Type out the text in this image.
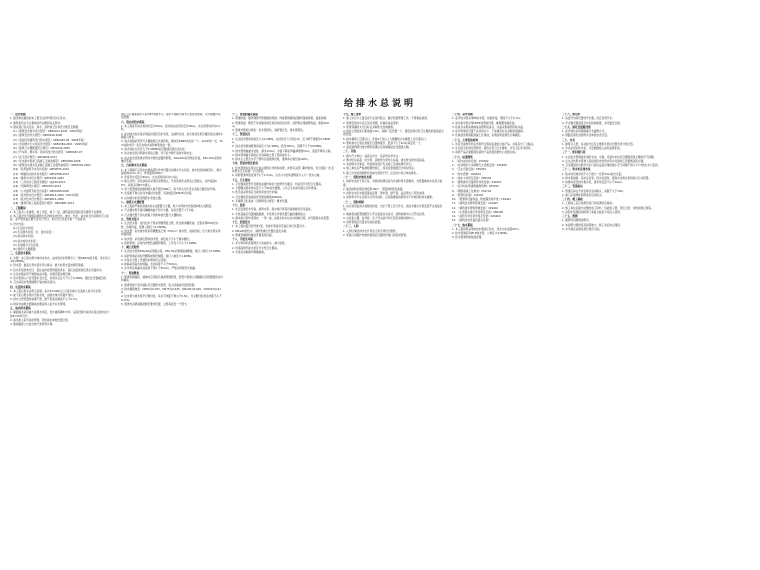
给排水总说明

一、设计依据

1. 建设单位提供的本工程有关资料和设计任务书。

2. 建筑和有关专业提供的作业图和有关资料。

3. 国家现行有关给水、排水、消防和卫生等设计规范及规程：

(1)《建筑给水排水设计规范》GB50015-2003（2009年版）

(2)《建筑设计防火规范》GB50016-2006

(3)《高层民用建筑设计防火规范》GB50045-95（2005年版）

(4)《自动喷水灭火系统设计规范》GB50084-2001（2005年版）

(5)《建筑灭火器配置设计规范》GB50140-2005

(6)《汽车库、修车库、停车场设计防火规范》GB50067-97

(7)《住宅设计规范》GB50096-2011

(8)《给水排水管道工程施工及验收规范》GB50268-2008

(9)《建筑给水排水及采暖工程施工质量验收规范》GB50242-2002

(10)《民用建筑节水设计标准》GB50555-2010

(11)《城镇给水排水技术规范》GB50788-2012

(12)《建筑中水设计规范》GB50336-2002

(13)《二次供水工程技术规程》CJJ140-2010

(14)《无障碍设计规范》GB50763-2012

(15)《公共建筑节能设计标准》GB50189-2005

(16)《室外排水设计规范》GB50014-2006（2011年版）

(17)《室外给水设计规范》GB50013-2006

(18)《建筑机电工程抗震设计规范》GB50981-2014

二、工程概况

1. 本工程为公共建筑，地上多层，地下一层，建筑高度及面积详见建筑专业图纸。

2. 本工程设计范围包括建筑红线内的室内给水、排水、热水、消火栓及自动喷水灭火系统，室外管线由总图专业另行设计，本设计仅至室外第一个检查井。

3. 设计内容：

(1) 生活给水系统；

(2) 生活排水系统（污、废水系统）；

(3) 雨水排水系统；

(4) 消火栓给水系统；

(5) 自动喷水灭火系统；

(6) 建筑灭火器配置。

三、生活给水系统

1. 水源：本工程水源为城市自来水，由市政给水管网引入一根DN150给水管，供水压力为0.25MPa。

2. 用水量：最高日用水量详见计算书，最大时用水量按规范取值。

3. 给水系统竖向分区：低区由市政管网直接供水，高区由变频加压供水设备供水。

4. 生活水箱采用不锈钢成品水箱，水箱设置消毒设施。

5. 给水管道入户处设置水表计量，各用水点压力不大于0.2MPa，超压处设置减压阀。

6. 卫生间给水管道暗敷于墙内或吊顶内。

四、生活排水系统

1. 本工程污废水采用合流制，室内±0.000以上污废水重力自流排入室外污水管。

2. 地下室污废水集中至集水坑，由潜水排污泵提升排出。

3. 排水立管设置伸顶通气管，通气管高出屋面不小于0.7m。

4. 厨房含油废水经隔油处理后排入室外污水管网。

五、雨水排水系统

1. 屋面雨水采用重力流排水系统，设计重现期P=5年，溢流设施与雨水系统总排水能力按P=50年设计。

2. 雨水排入室外雨水管网，阳台雨水单独设置立管。

3. 暴雨强度公式按当地气象资料计算。

(接上页) 屋面雨水斗采用87型雨水斗，雨水斗规格与雨水立管管径相同，设计参数详见系统图。

六、消火栓给水系统

1. 本工程室外消火栓用水量为30L/s，室内消火栓用水量为20L/s，火灾延续时间为2小时。

2. 室内消火栓系统采用临时高压给水系统，由消防水池、消火栓加压泵及屋顶高位消防水箱联合供水。

3. 消火栓箱采用带灭火器箱组合式消防柜，箱内设DN65消火栓一个、φ19水枪一支、25m衬胶水带一条及自救式消防软管卷盘一套。

4. 消火栓栓口动压大于0.50MPa处设置减压稳压消火栓。

5. 消火栓系统设两套水泵接合器，设于室外便于消防车取水处。

6. 消火栓系统管道采用内外壁热浸镀锌钢管，DN≤100采用丝扣连接，DN>100采用沟槽式连接。

七、自动喷水灭火系统

1. 本工程除不宜用水扑救的部位外均设置自动喷水灭火系统，按中危险级Ⅱ级设计，喷水强度8L/(min·m²)，作用面积160m²。

2. 系统设计流量为30L/s，火灾延续时间为1小时。

3. 喷头选用：有吊顶场所采用吊顶型喷头，无吊顶场所采用直立型喷头，动作温度68℃，厨房采用93℃喷头。

4. 每个报警阀组控制的喷头数不超过800只，每个防火分区设水流指示器及信号阀。

5. 系统最不利点处设末端试水装置，其余楼层设DN25试水阀。

6. 自动喷水系统设两套水泵接合器。

八、建筑灭火器配置

1. 本工程按严重危险级A类火灾配置灭火器，地下车库按中危险级B类火灾配置。

2. 灭火器选用手提式磷酸铵盐干粉灭火器，每处设置不少于2具。

3. 灭火器设置于消火栓箱下部或单独设置灭火器箱内。

九、管材及接口

1. 生活给水管：室内给水干管采用钢塑复合管，丝扣或沟槽连接；支管采用PP-R给水管，热熔连接，管道公称压力1.25MPa。

2. 排水管：室内排水管采用硬聚氯乙烯（PVC-U）排水管，粘接连接；压力排水管采用焊接钢管。

3. 雨水管：采用承压塑料排水管，承压能力不小于满水静压。

4. 消防管道：采用内外壁热浸镀锌钢管，工作压力不小于1.6MPa。

十、阀门及附件

1. 生活给水管道DN≤50采用截止阀，DN>50采用闸阀或蝶阀，阀门公称压力1.0MPa。

2. 消防管道采用信号蝶阀或明杆闸阀，阀门公称压力1.6MPa。

3. 水泵出水管上设置防水锤消声止回阀。

4. 地漏采用高水封地漏，水封深度不小于50mm。

5. 存水弯及地漏水封深度不得小于50mm，严禁采用钟罩式地漏。

十一、管道敷设

1. 管道穿越楼板、墙体时应预留孔洞或预埋套管，套管与管道之间缝隙应采用阻燃密实材料填实。

2. 管道穿地下室外墙时应设置防水套管，穿人防墙体设密闭套管。

3. 排水横管坡度：DN50为0.035，DN75为0.025，DN100为0.020，DN150为0.010。

4. 给水管与排水管平行敷设时，其水平净距不得小于0.5m，交叉敷设时垂直净距不小于0.15m。

5. 管道支吊架间距按规范要求设置，立管每层设一个管卡。

十二、管道防腐及保温

1. 管道防腐：镀锌钢管外壁刷银粉两道；焊接钢管除锈后刷防锈漆两道，面漆两道。

2. 管道保温：敷设于非采暖房间及吊顶内的给水管、消防管采用橡塑保温，厚度20mm。

3. 管道外壁标识颜色：给水管绿色，消防管红色，排水管黑色。

十三、管道试压

1. 生活给水管道试验压力为1.0MPa，在试验压力下稳压1h，压力降不得超过0.05MPa。

2. 消火栓及喷淋管道试验压力为1.4MPa，稳压30min，压降不大于0.05MPa。

3. 排水管道做灌水试验，满水15min，水面下降后再灌满观察5min，液面不降为合格。

4. 雨水管道灌水高度应达到每根立管上部的雨水斗。

5. 排水主立管及水平干管均应做通球试验，通球率必须达到100%。

十四、管道冲洗及消毒

1. 给水管道在系统运行前必须进行冲洗和消毒，并经有关部门取样检验，符合国家《生活饮用水卫生标准》方可使用。

2. 消防管道冲洗流速不小于1.5m/s，以出口水色和透明度与入口一致为合格。

十五、卫生器具

1. 卫生器具的型号及颜色由建设单位与装修设计确定，均采用节水型卫生器具。

2. 大便器采用冲洗水量不大于6L的坐便器，公共卫生间采用感应式冲洗阀。

3. 洗手盆采用感应式或延时自闭式水嘴。

4. 卫生器具安装高度详见国标图集09S304。

5. 无障碍卫生间按《无障碍设计规范》要求设置。

十六、设备

1. 生活变频给水设备、消防水泵、潜水排污泵等设备参数详见设备表。

2. 水泵基础应设置减振措施，水泵进出水管设置可曲挠橡胶接头。

3. 潜水排污泵均设两台，一用一备，由集水坑水位自动控制启停，并设超高水位报警。

十七、抗震设计

1. 本工程抗震设防烈度7度，给排水管道及设备应进行抗震设计。

2. DN≥65的给水、消防管道应设置抗震支吊架。

3. 管道穿越结构缝处设置柔性连接。

十八、节能及环保

1. 充分利用市政管网压力直接供水，减少能耗。

2. 选用高效节能水泵及节水型卫生器具。

3. 水泵房采取隔声降噪措施。

十九、施工要求

1. 施工中应与土建及各专业密切配合，做好预留预埋工作，不得事后凿洞。

2. 管道安装完毕后应及时清理，并做好成品保护。

3. 管道穿越防火分区时应采取防火封堵措施。

4. 排水立管检查口距地面1.0m，每隔一层设置一个，最底层和设有卫生器具的最高层必须设置。

5. 排水横管上设清扫口，连接4个及以上大便器的污水横管上应设清扫口。

6. 塑料排水立管应按规定设置伸缩节，层高不大于4m时每层设一个。

7. 高层建筑明设排水塑料管道应在穿越楼层处设置阻火圈。

二十、其他

1. 图中尺寸单位：标高以米计，其余均以毫米计。

2. 图中所注标高：给水管、消防管为管中心标高；排水管为管内底标高。

3. 本说明未尽事宜，均按国家现行有关施工及验收规范执行。

4. 施工单位应严格按照图纸施工，如有变更须经设计单位同意。

5. 施工中如发现图纸有误或与现场不符，应及时与设计单位联系。

二十一、消防水池及水箱

1. 消防水池设于地下室，有效容积满足室内外消防用水量要求，并设置就地水位显示装置。

2. 屋顶消防水箱有效容积18m³，设置消防稳压装置。

3. 消防水池及水箱设置溢流管、泄水管、通气管，溢流管出口设防虫网。

4. 消防用水与生活用水合用水池时，应采取确保消防用水不作他用的技术措施。

二十二、消防控制

1. 消火栓泵由消火栓箱内按钮、出水干管上压力开关、高位水箱出水管流量开关直接启动。

2. 喷淋泵由报警阀组压力开关直接自动启动，消防控制中心可手动启停。

3. 水流指示器、信号阀、压力开关信号均应送至消防控制中心。

4. 消防泵组应设置自动巡检装置。

二十三、人防

1. 人防区域给排水设计详见人防专项设计图纸。

2. 穿越人防围护结构的管道应设置防护阀门和密闭套管。

二十四、室外管网

1. 室外给水管采用PE给水管，热熔连接，埋深不小于0.7m。

2. 室外排水管采用HDPE双壁波纹管，橡胶圈承插连接。

3. 检查井采用砖砌或成品塑料检查井，井盖采用重型铸铁井盖。

4. 室外管道应设置于冰冻线以下，不能满足时应采取保温措施。

5. 化粪池选用钢筋混凝土化粪池，有效容积按规范计算确定。

二十五、主要设备材料

1. 所有设备材料均应选用符合国家标准的合格产品，并具有出厂合格证。

2. 生活给水系统所用管材、附件应符合卫生要求，并有卫生许可批件。

3. 消防产品必须经国家消防产品质量检测中心检测合格。

二十六、标准图集

1. 《室内消火栓安装》15S202

2. 《自动喷水与水喷雾灭火设施安装》04S206

3. 《卫生设备安装》09S304

4. 《防水套管》02S404

5. 《雨水斗选用及安装》09S302

6. 《建筑排水设备附件选用安装》04S301

7. 《室外给水管道附属构筑物》05S502

8. 《钢筋混凝土化粪池》03S702

9. 《矩形给水箱》12S101

10. 《管道和设备保温、防结露及电伴热》16S401

11. 《建筑给水塑料管道安装》11S405

12. 《建筑排水塑料管道安装》10S406

13. 《小型潜水排污泵选用及安装》08S305

14. 《消防专用水泵选用及安装》04S204

15. 《建筑机电设备抗震支吊架》

二十七、热水系统

1. 本工程局部采用电热水器供应热水，热水出水温度60℃。

2. 热水管道采用PP-R热水管，公称压力2.0MPa。

3. 热水管道均做保温处理。

二十八、饮用水

1. 各层开水间设置电开水器，供应饮用开水。

2. 开水器设置温度及水位控制装置，并设置安全阀。

二十九、绿化及道路浇洒

1. 室外绿化采用微喷灌节水灌溉方式。

2. 道路及绿化浇洒用水设单独水表计量。

三十、水表

1. 建筑引入管、各功能分区及主要用水部位设置水表分级计量。

2. 水表采用远传水表，计量数据接入能耗监测系统。

三十一、防回流污染

1. 生活给水管道接至消防水池、水箱、设备补水时应设置倒流防止器或空气间隙。

2. 从生活饮用水管道上直接供给非饮用水用水设备时应设置倒流防止器。

3. 卫生器具给水配件出水口高出溢流边缘的最小空气间隙不得小于2.5倍出水口直径。

三十二、集水坑及排水泵

1. 集水坑有效容积不小于最大一台泵5min的出水量。

2. 排水泵控制：高水位启泵，低水位停泵，超高水位两台泵同时运行并报警。

3. 电梯井底设排水集水坑，排水泵流量不小于10L/s。

三十三、管道标识

1. 管道应标注介质名称及流向箭头，间距不大于10m。

2. 阀门应挂牌标明用途及启闭状态。

三十四、竣工验收

1. 工程竣工后应按规范进行系统调试及验收。

2. 施工单位应提交完整的竣工资料，包括竣工图、试压记录、冲洗消毒记录等。

3. 消防系统须经消防部门验收合格后方可投入使用。

三十五、图例

1. 图例详见图例说明页。

2. 本说明与图纸具有同等效力，施工时应结合阅读。

3. 未尽事宜以国家现行规范为准。
